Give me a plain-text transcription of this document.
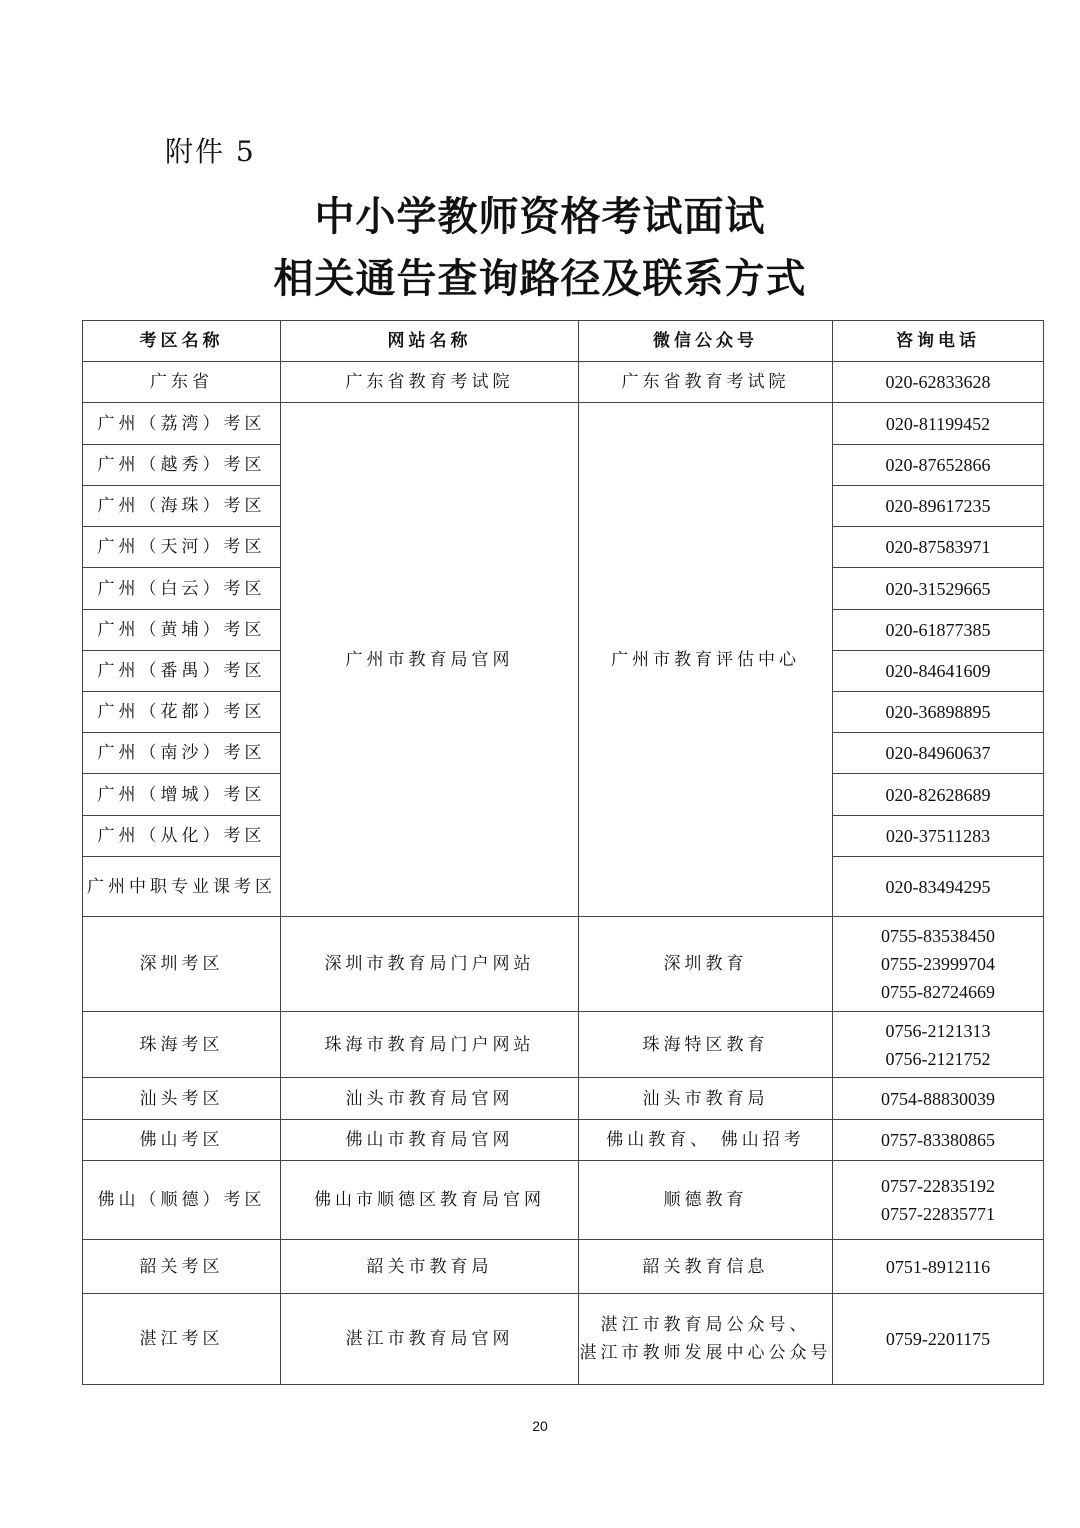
附件 5
中小学教师资格考试面试
相关通告查询路径及联系方式
考区名称	网站名称	微信公众号	咨询电话
广东省	广东省教育考试院	广东省教育考试院	020-62833628

广州（荔湾）考区	广州市教育局官网	广州市教育评估中心	020-81199452

广州（越秀）考区			020-87652866

广州（海珠）考区			020-89617235

广州（天河）考区			020-87583971

广州（白云）考区			020-31529665

广州（黄埔）考区			020-61877385

广州（番禺）考区			020-84641609

广州（花都）考区			020-36898895

广州（南沙）考区			020-84960637

广州（增城）考区			020-82628689

广州（从化）考区			020-37511283

广州中职专业课考区			020-83494295

深圳考区	深圳市教育局门户网站	深圳教育	0755-83538450
0755-23999704
0755-82724669

珠海考区	珠海市教育局门户网站	珠海特区教育	0756-2121313
0756-2121752

汕头考区	汕头市教育局官网	汕头市教育局	0754-88830039

佛山考区	佛山市教育局官网	佛山教育、 佛山招考	0757-83380865

佛山（顺德）考区	佛山市顺德区教育局官网	顺德教育	0757-22835192
0757-22835771

韶关考区	韶关市教育局	韶关教育信息	0751-8912116

湛江考区	湛江市教育局官网	湛江市教育局公众号、
湛江市教师发展中心公众号	0759-2201175
20
